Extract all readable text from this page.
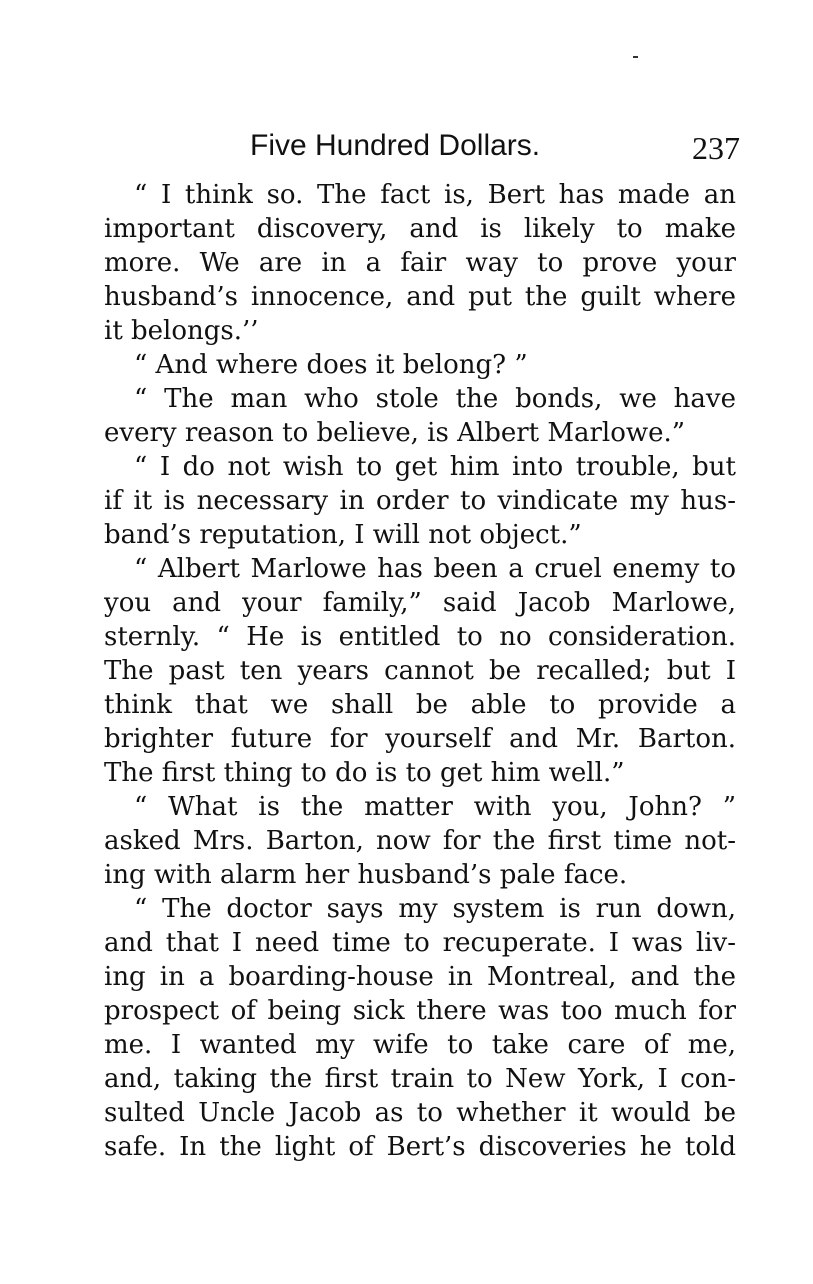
Five Hundred Dollars.	237
“ I think so. The fact is, Bert has made an
important discovery, and is likely to make
more. We are in a fair way to prove your
husband’s innocence, and put the guilt where
it belongs.’’
“ And where does it belong? ”
“ The man who stole the bonds, we have
every reason to believe, is Albert Marlowe.”
“ I do not wish to get him into trouble, but
if it is necessary in order to vindicate my hus-
band’s reputation, I will not object.”
“ Albert Marlowe has been a cruel enemy to
you and your family,” said Jacob Marlowe,
sternly. “ He is entitled to no consideration.
The past ten years cannot be recalled; but I
think that we shall be able to provide a
brighter future for yourself and Mr. Barton.
The first thing to do is to get him well.”
“ What is the matter with you, John? ”
asked Mrs. Barton, now for the first time not-
ing with alarm her husband’s pale face.
“ The doctor says my system is run down,
and that I need time to recuperate. I was liv-
ing in a boarding-house in Montreal, and the
prospect of being sick there was too much for
me. I wanted my wife to take care of me,
and, taking the first train to New York, I con-
sulted Uncle Jacob as to whether it would be
safe. In the light of Bert’s discoveries he told
